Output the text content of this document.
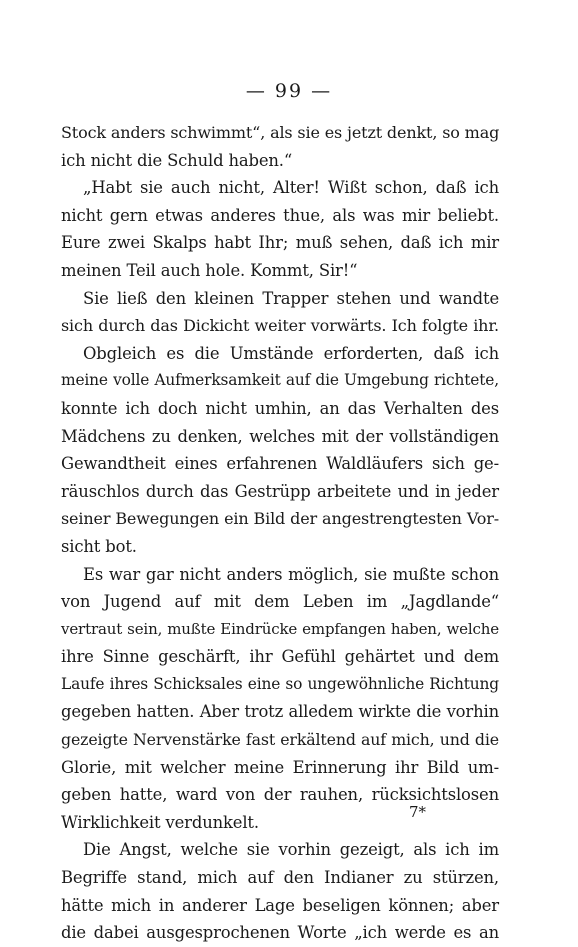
— 99 —
Stock anders schwimmt“, als sie es jetzt denkt, so mag
ich nicht die Schuld haben.“
„Habt sie auch nicht, Alter! Wißt schon, daß ich
nicht gern etwas anderes thue, als was mir beliebt.
Eure zwei Skalps habt Ihr; muß sehen, daß ich mir
meinen Teil auch hole. Kommt, Sir!“
Sie ließ den kleinen Trapper stehen und wandte
sich durch das Dickicht weiter vorwärts. Ich folgte ihr.
Obgleich es die Umstände erforderten, daß ich
meine volle Aufmerksamkeit auf die Umgebung richtete,
konnte ich doch nicht umhin, an das Verhalten des
Mädchens zu denken, welches mit der vollständigen
Gewandtheit eines erfahrenen Waldläufers sich ge-
räuschlos durch das Gestrüpp arbeitete und in jeder
seiner Bewegungen ein Bild der angestrengtesten Vor-
sicht bot.
Es war gar nicht anders möglich, sie mußte schon
von Jugend auf mit dem Leben im „Jagdlande“
vertraut sein, mußte Eindrücke empfangen haben, welche
ihre Sinne geschärft, ihr Gefühl gehärtet und dem
Laufe ihres Schicksales eine so ungewöhnliche Richtung
gegeben hatten. Aber trotz alledem wirkte die vorhin
gezeigte Nervenstärke fast erkältend auf mich, und die
Glorie, mit welcher meine Erinnerung ihr Bild um-
geben hatte, ward von der rauhen, rücksichtslosen
Wirklichkeit verdunkelt.
Die Angst, welche sie vorhin gezeigt, als ich im
Begriffe stand, mich auf den Indianer zu stürzen,
hätte mich in anderer Lage beseligen können; aber
die dabei ausgesprochenen Worte „ich werde es an
7*
